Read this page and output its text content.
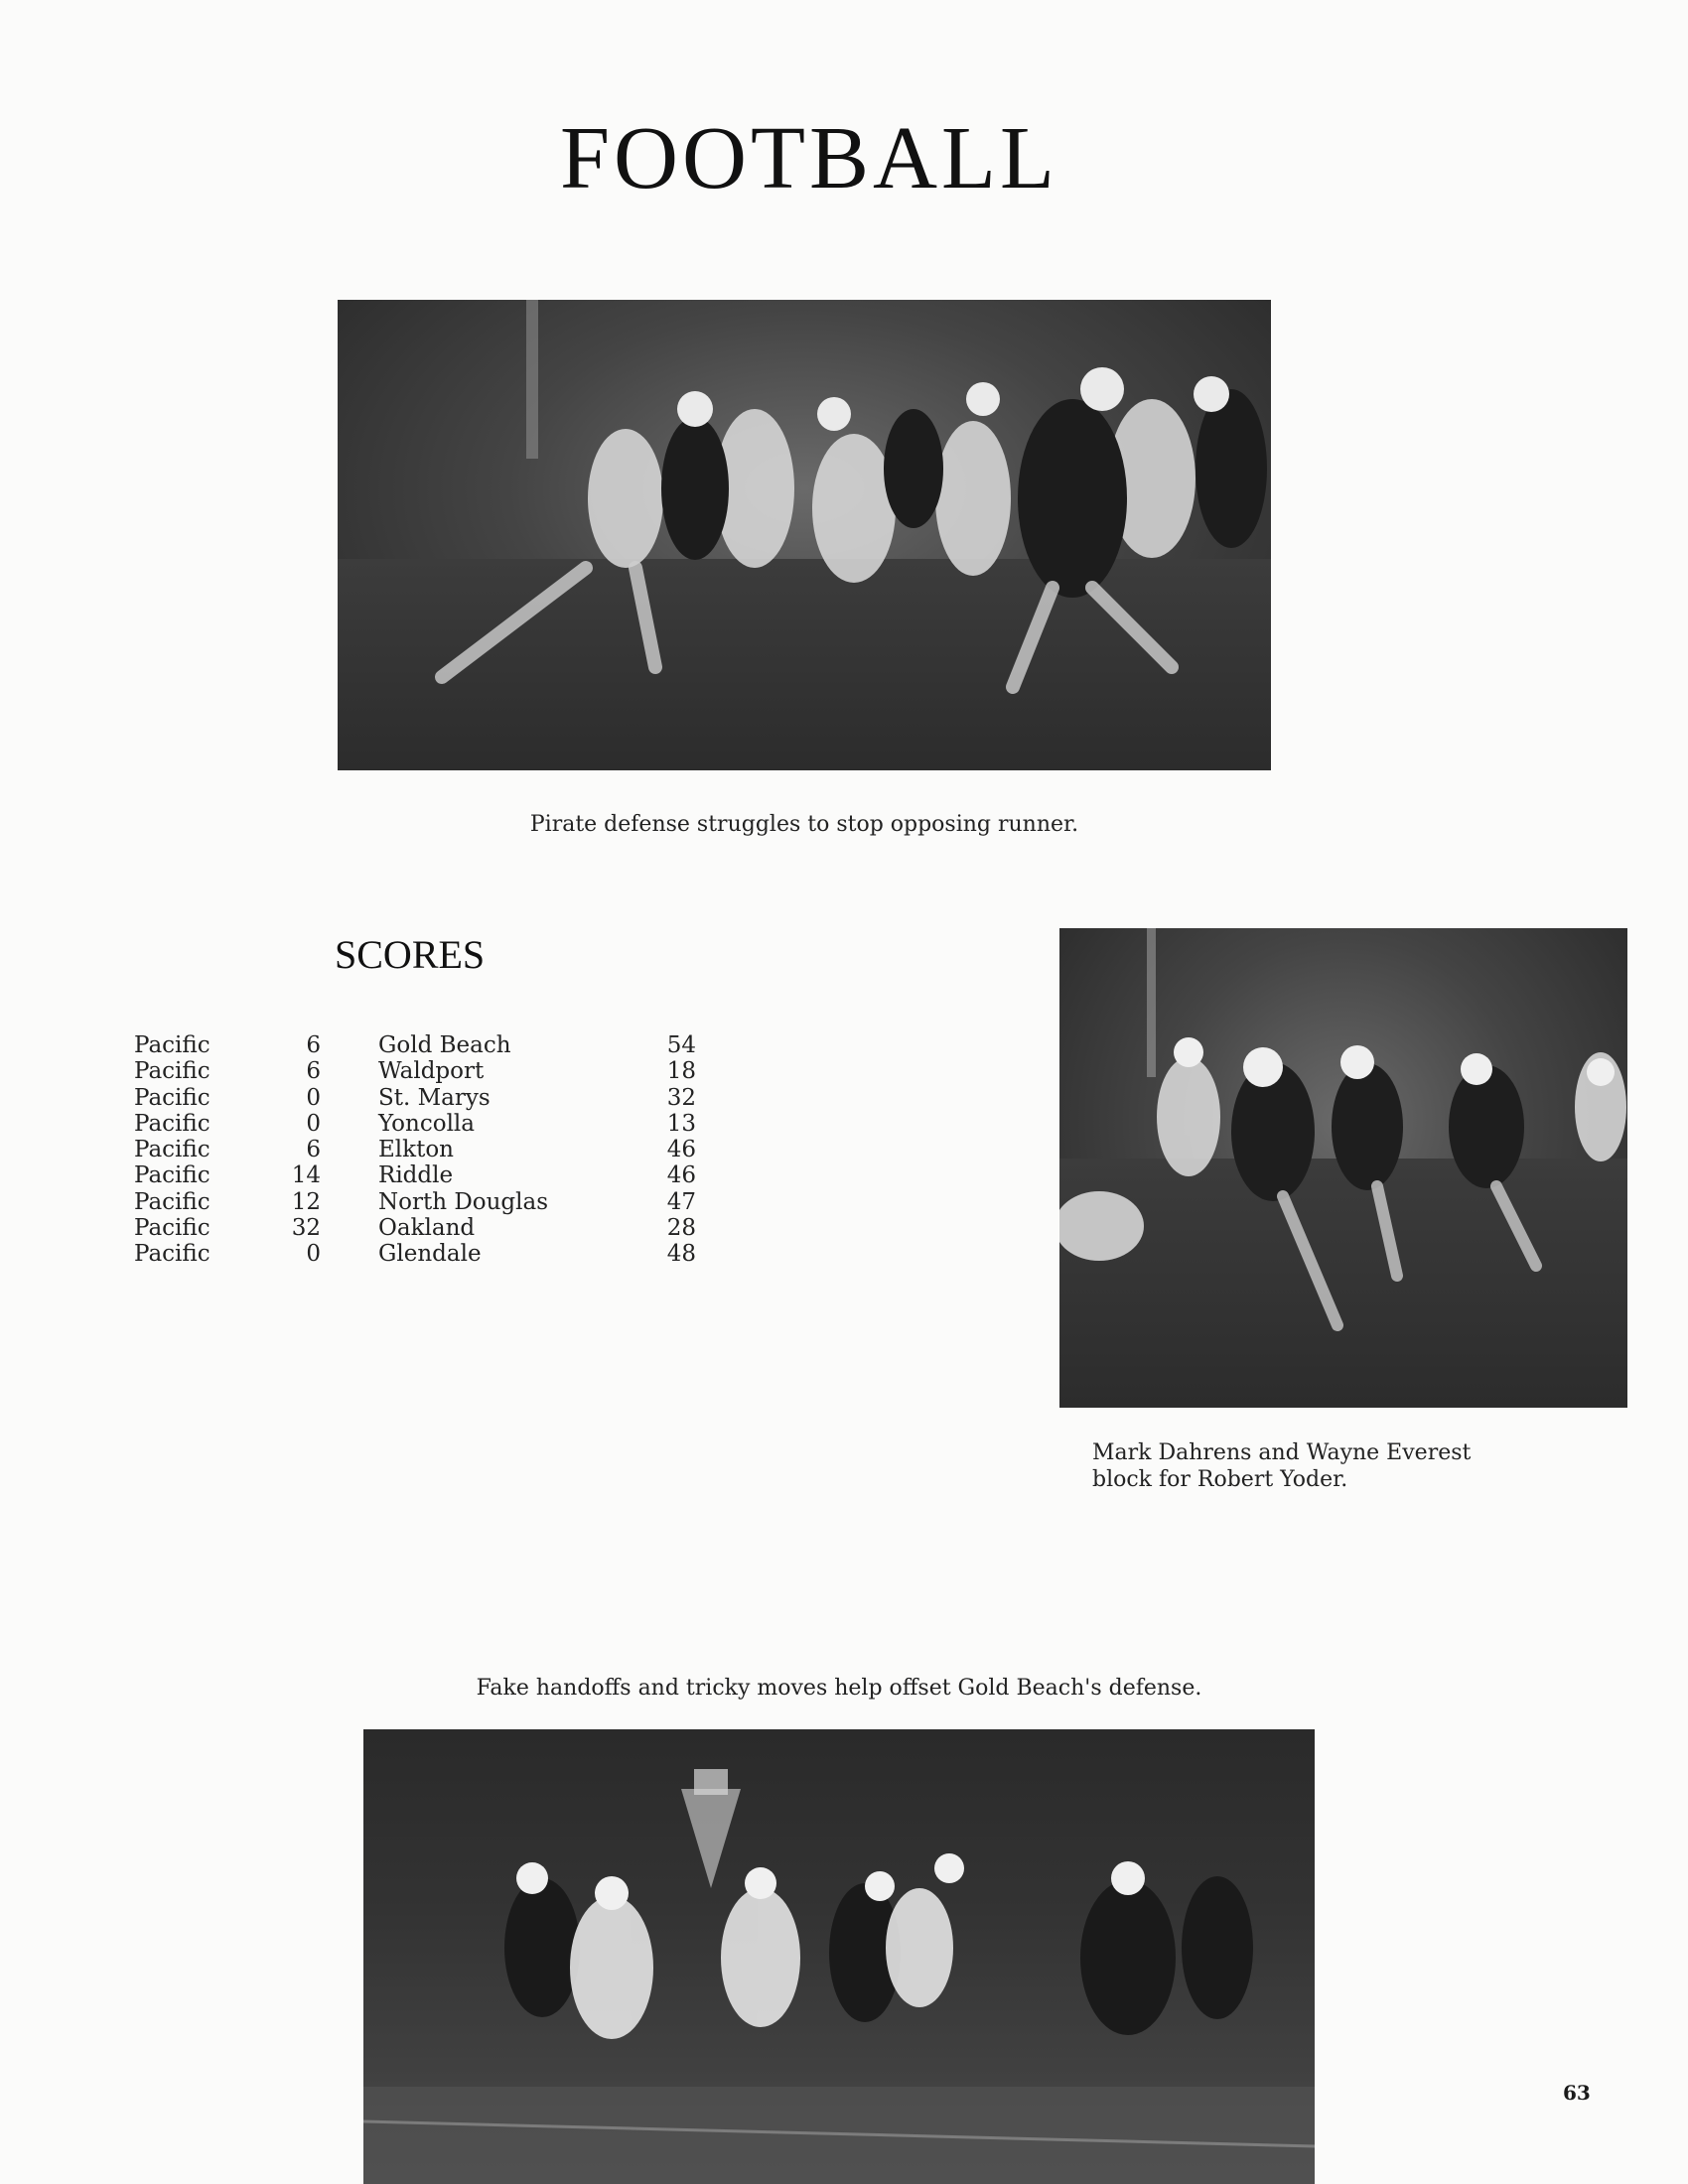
FOOTBALL
Pirate defense struggles to stop opposing runner.
SCORES
Pacific	6	Gold Beach	54
Pacific	6	Waldport	18
Pacific	0	St. Marys	32
Pacific	0	Yoncolla	13
Pacific	6	Elkton	46
Pacific	14	Riddle	46
Pacific	12	North Douglas	47
Pacific	32	Oakland	28
Pacific	0	Glendale	48
Mark Dahrens and Wayne Everest
block for Robert Yoder.
Fake handoffs and tricky moves help offset Gold Beach's defense.
63
